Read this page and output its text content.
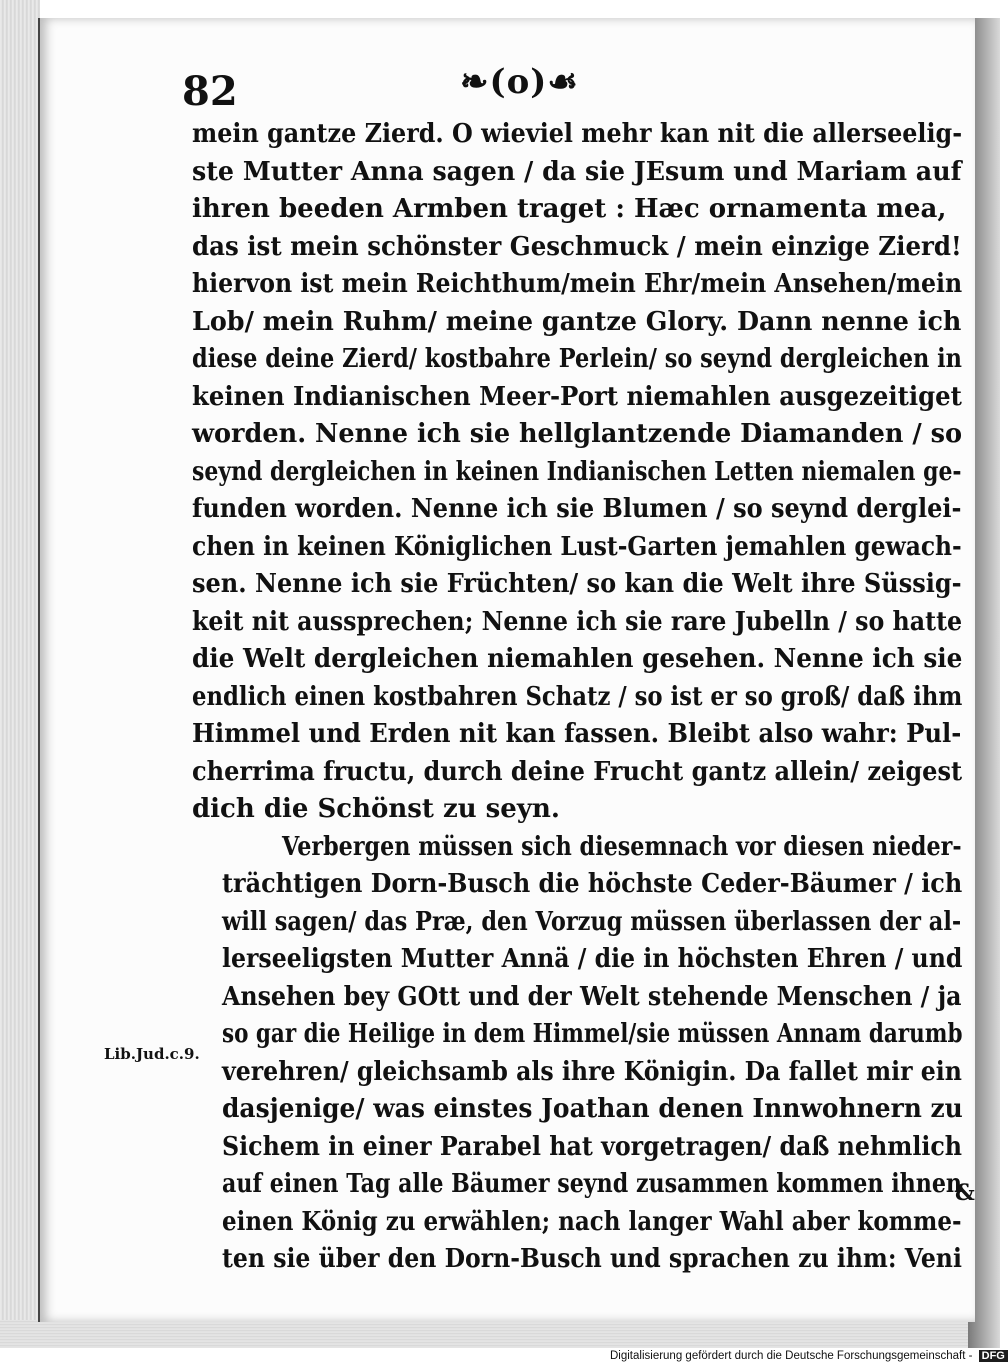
82	❧(o)☙
mein gantze Zierd. O wieviel mehr kan nit die allerseelig-
ste Mutter Anna sagen / da sie JEsum und Mariam auf
ihren beeden Armben traget : Hæc ornamenta mea,
das ist mein schönster Geschmuck / mein einzige Zierd!
hiervon ist mein Reichthum/mein Ehr/mein Ansehen/mein
Lob/ mein Ruhm/ meine gantze Glory. Dann nenne ich
diese deine Zierd/ kostbahre Perlein/ so seynd dergleichen in
keinen Indianischen Meer-Port niemahlen ausgezeitiget
worden. Nenne ich sie hellglantzende Diamanden / so
seynd dergleichen in keinen Indianischen Letten niemalen ge-
funden worden. Nenne ich sie Blumen / so seynd derglei-
chen in keinen Königlichen Lust-Garten jemahlen gewach-
sen. Nenne ich sie Früchten/ so kan die Welt ihre Süssig-
keit nit aussprechen; Nenne ich sie rare Jubelln / so hatte
die Welt dergleichen niemahlen gesehen. Nenne ich sie
endlich einen kostbahren Schatz / so ist er so groß/ daß ihm
Himmel und Erden nit kan fassen. Bleibt also wahr: Pul-
cherrima fructu, durch deine Frucht gantz allein/ zeigest
dich die Schönst zu seyn.
Verbergen müssen sich diesemnach vor diesen nieder-
trächtigen Dorn-Busch die höchste Ceder-Bäumer / ich
will sagen/ das Præ, den Vorzug müssen überlassen der al-
lerseeligsten Mutter Annä / die in höchsten Ehren / und
Ansehen bey GOtt und der Welt stehende Menschen / ja
so gar die Heilige in dem Himmel/sie müssen Annam darumb
verehren/ gleichsamb als ihre Königin. Da fallet mir ein
dasjenige/ was einstes Joathan denen Innwohnern zu
Sichem in einer Parabel hat vorgetragen/ daß nehmlich
auf einen Tag alle Bäumer seynd zusammen kommen ihnen
einen König zu erwählen; nach langer Wahl aber komme-
ten sie über den Dorn-Busch und sprachen zu ihm: Veni
Lib.Jud.c.9.
&
Digitalisierung gefördert durch die Deutsche Forschungsgemeinschaft - DFG
